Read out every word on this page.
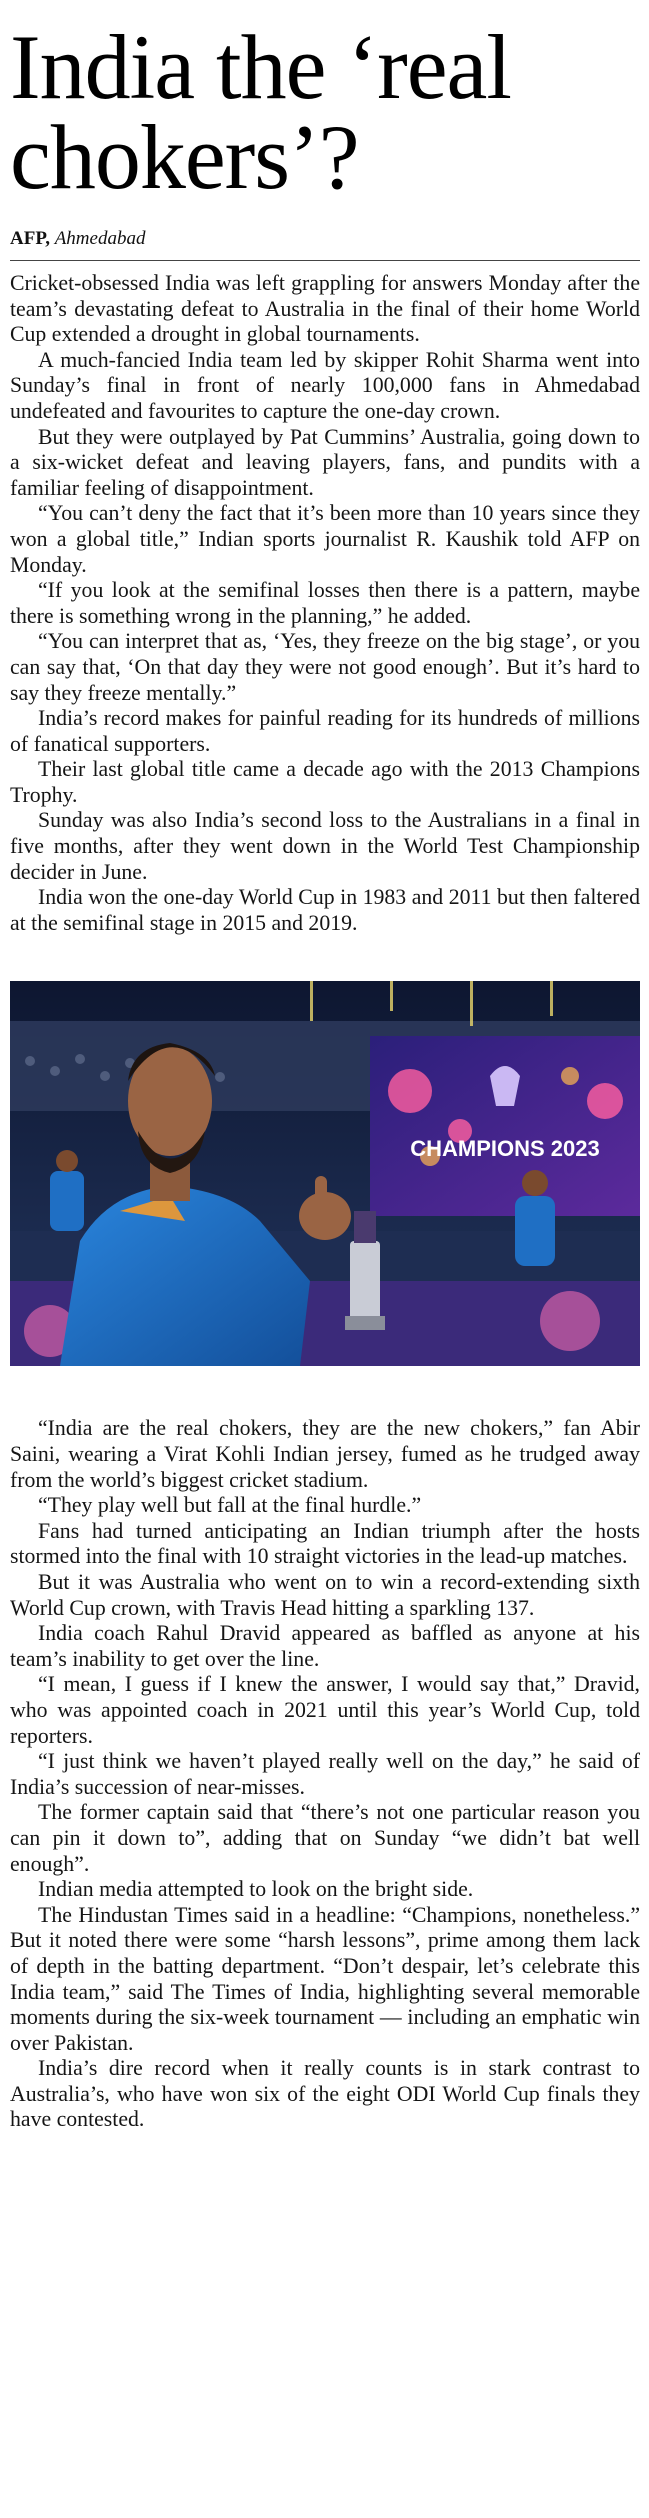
India the ‘real chokers’?
AFP, Ahmedabad

Cricket-obsessed India was left grappling for answers Monday after the team’s devastating defeat to Australia in the final of their home World Cup extended a drought in global tournaments.

A much-fancied India team led by skipper Rohit Sharma went into Sunday’s final in front of nearly 100,000 fans in Ahmedabad undefeated and favourites to capture the one-day crown.

But they were outplayed by Pat Cummins’ Australia, going down to a six-wicket defeat and leaving players, fans, and pundits with a familiar feeling of disappointment.

“You can’t deny the fact that it’s been more than 10 years since they won a global title,” Indian sports journalist R. Kaushik told AFP on Monday.

“If you look at the semifinal losses then there is a pattern, maybe there is something wrong in the planning,” he added.

“You can interpret that as, ‘Yes, they freeze on the big stage’, or you can say that, ‘On that day they were not good enough’. But it’s hard to say they freeze mentally.”

India’s record makes for painful reading for its hundreds of millions of fanatical supporters.

Their last global title came a decade ago with the 2013 Champions Trophy.

Sunday was also India’s second loss to the Australians in a final in five months, after they went down in the World Test Championship decider in June.

India won the one-day World Cup in 1983 and 2011 but then faltered at the semifinal stage in 2015 and 2019.

CHAMPIONS 2023

“India are the real chokers, they are the new chokers,” fan Abir Saini, wearing a Virat Kohli Indian jersey, fumed as he trudged away from the world’s biggest cricket stadium.

“They play well but fall at the final hurdle.”

Fans had turned anticipating an Indian triumph after the hosts stormed into the final with 10 straight victories in the lead-up matches.

But it was Australia who went on to win a record-extending sixth World Cup crown, with Travis Head hitting a sparkling 137.

India coach Rahul Dravid appeared as baffled as anyone at his team’s inability to get over the line.

“I mean, I guess if I knew the answer, I would say that,” Dravid, who was appointed coach in 2021 until this year’s World Cup, told reporters.

“I just think we haven’t played really well on the day,” he said of India’s succession of near-misses.

The former captain said that “there’s not one particular reason you can pin it down to”, adding that on Sunday “we didn’t bat well enough”.

Indian media attempted to look on the bright side.

The Hindustan Times said in a headline: “Champions, nonetheless.” But it noted there were some “harsh lessons”, prime among them lack of depth in the batting department. “Don’t despair, let’s celebrate this India team,” said The Times of India, highlighting several memorable moments during the six-week tournament — including an emphatic win over Pakistan.

India’s dire record when it really counts is in stark contrast to Australia’s, who have won six of the eight ODI World Cup finals they have contested.
